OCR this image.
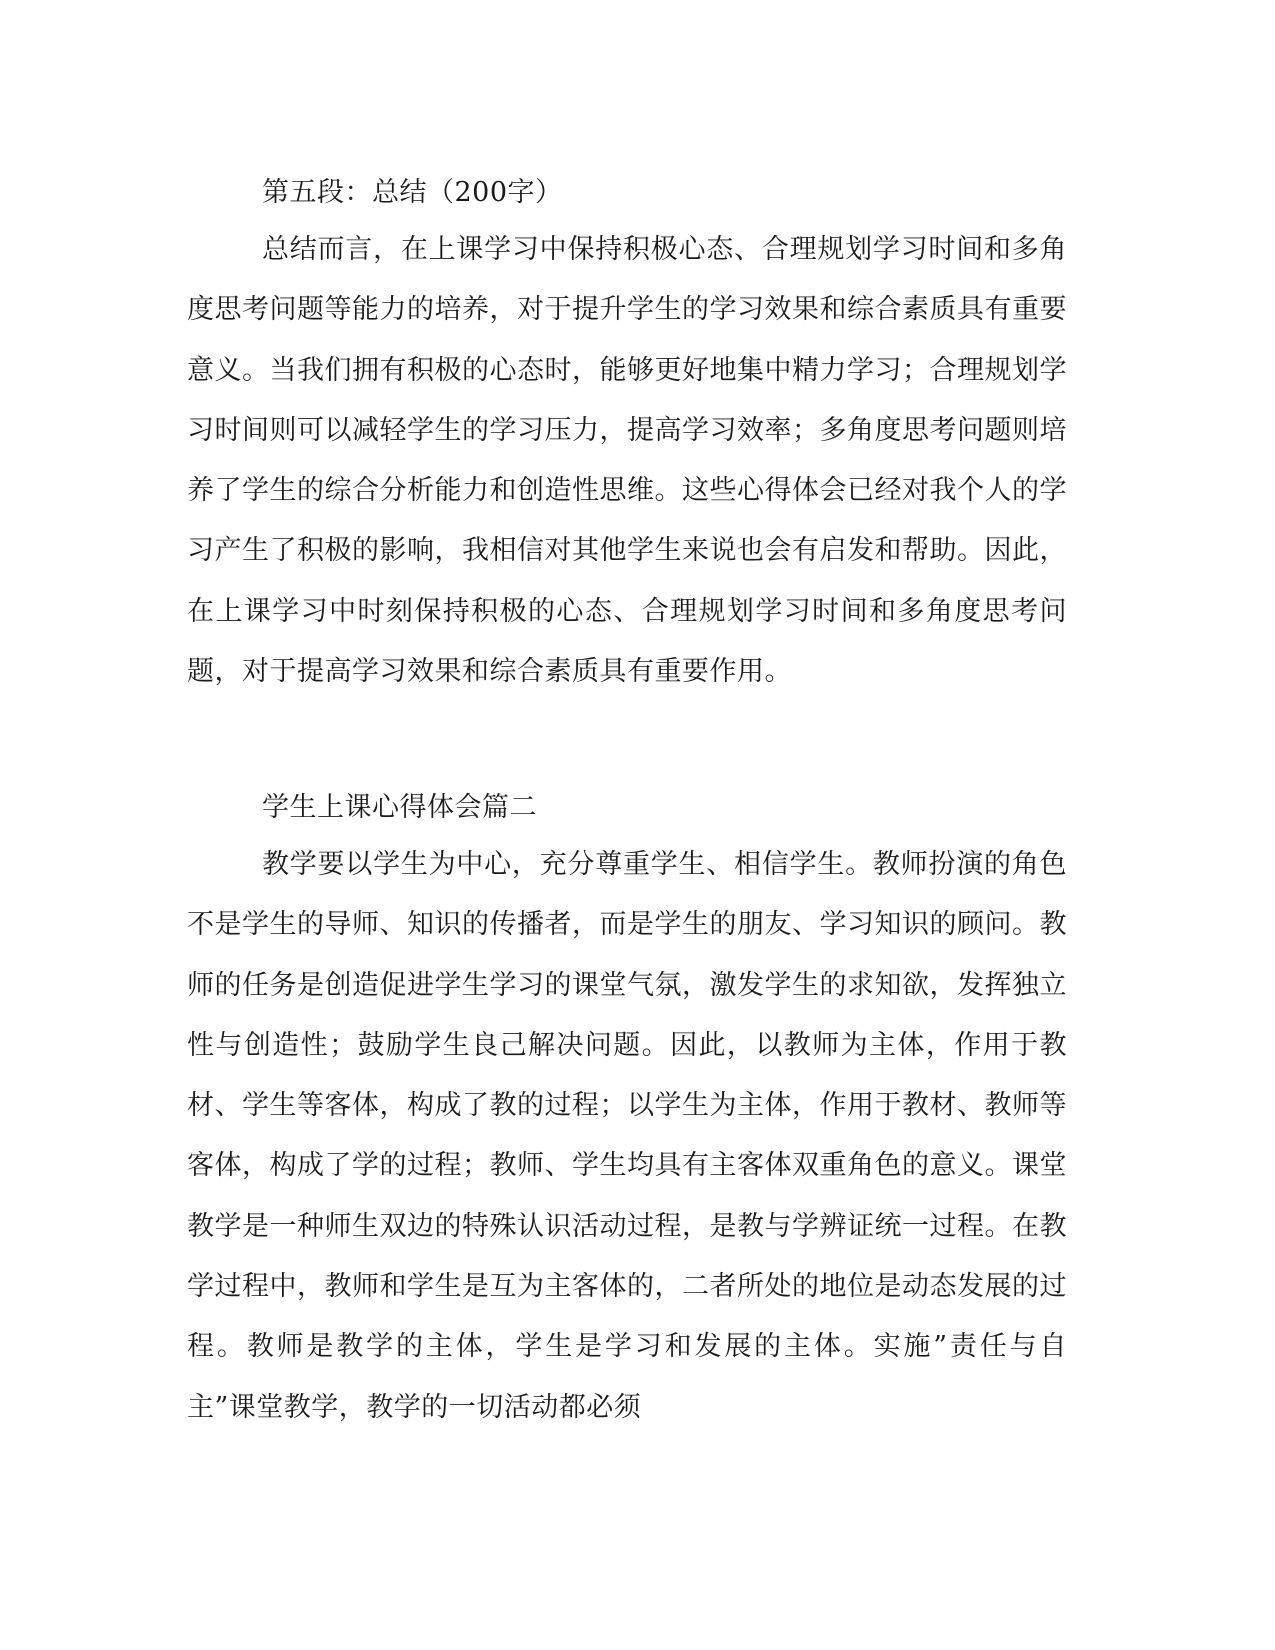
第五段：总结（200字）
总结而言，在上课学习中保持积极心态、合理规划学习时间和多角度思考问题等能力的培养，对于提升学生的学习效果和综合素质具有重要意义。当我们拥有积极的心态时，能够更好地集中精力学习；合理规划学习时间则可以减轻学生的学习压力，提高学习效率；多角度思考问题则培养了学生的综合分析能力和创造性思维。这些心得体会已经对我个人的学习产生了积极的影响，我相信对其他学生来说也会有启发和帮助。因此，在上课学习中时刻保持积极的心态、合理规划学习时间和多角度思考问题，对于提高学习效果和综合素质具有重要作用。
学生上课心得体会篇二
教学要以学生为中心，充分尊重学生、相信学生。教师扮演的角色不是学生的导师、知识的传播者，而是学生的朋友、学习知识的顾问。教师的任务是创造促进学生学习的课堂气氛，激发学生的求知欲，发挥独立性与创造性；鼓励学生良己解决问题。因此，以教师为主体，作用于教材、学生等客体，构成了教的过程；以学生为主体，作用于教材、教师等客体，构成了学的过程；教师、学生均具有主客体双重角色的意义。课堂教学是一种师生双边的特殊认识活动过程，是教与学辨证统一过程。在教学过程中，教师和学生是互为主客体的，二者所处的地位是动态发展的过程。教师是教学的主体，学生是学习和发展的主体。实施”责任与自主”课堂教学，教学的一切活动都必须
